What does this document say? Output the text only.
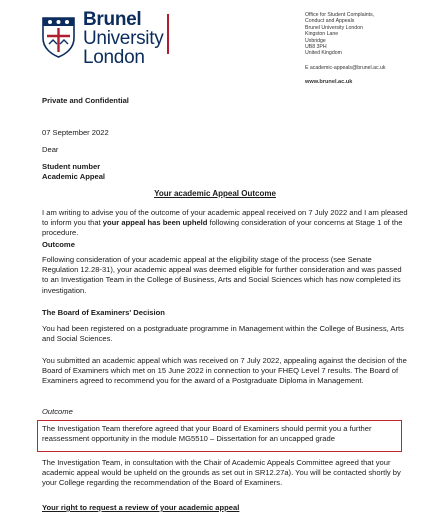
Brunel
University
London
Office for Student Complaints,
Conduct and Appeals
Brunel University London
Kingston Lane
Uxbridge
UB8 3PH
United Kingdom
E academic-appeals@brunel.ac.uk
www.brunel.ac.uk
Private and Confidential
07 September 2022
Dear
Student number
Academic Appeal
Your academic Appeal Outcome
I am writing to advise you of the outcome of your academic appeal received on 7 July 2022 and I am pleased to inform you that your appeal has been upheld following consideration of your concerns at Stage 1 of the procedure.
Outcome
Following consideration of your academic appeal at the eligibility stage of the process (see Senate Regulation 12.28-31), your academic appeal was deemed eligible for further consideration and was passed to an Investigation Team in the College of Business, Arts and Social Sciences which has now completed its investigation.
The Board of Examiners' Decision
You had been registered on a postgraduate programme in Management within the College of Business, Arts and Social Sciences.
You submitted an academic appeal which was received on 7 July 2022, appealing against the decision of the Board of Examiners which met on 15 June 2022 in connection to your FHEQ Level 7 results. The Board of Examiners agreed to recommend you for the award of a Postgraduate Diploma in Management.
Outcome
The Investigation Team therefore agreed that your Board of Examiners should permit you a further reassessment opportunity in the module MG5510 – Dissertation for an uncapped grade
The Investigation Team, in consultation with the Chair of Academic Appeals Committee agreed that your academic appeal would be upheld on the grounds as set out in SR12.27a). You will be contacted shortly by your College regarding the recommendation of the Board of Examiners.
Your right to request a review of your academic appeal
